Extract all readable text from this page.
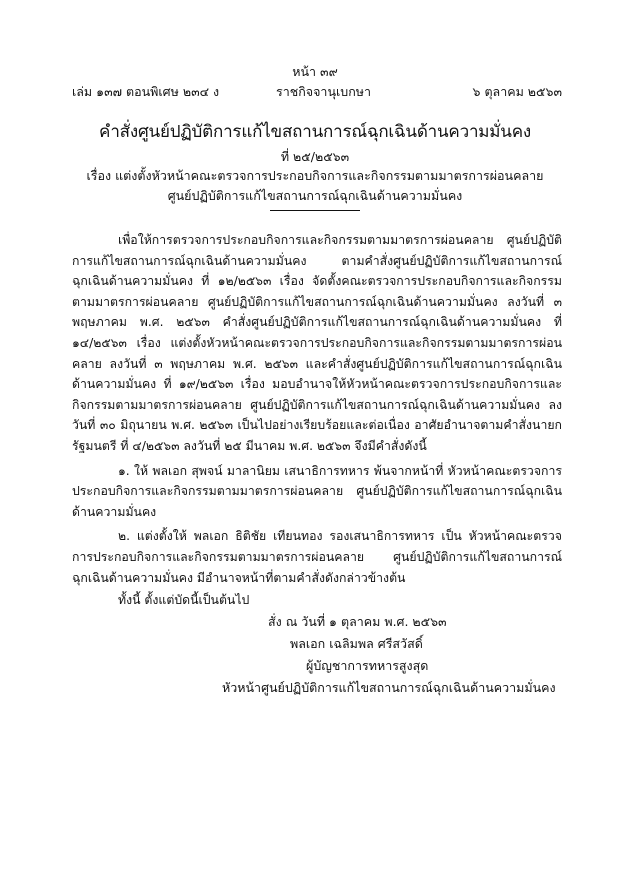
หน้า ๓๙
เล่ม ๑๓๗ ตอนพิเศษ ๒๓๔ ง	ราชกิจจานุเบกษา	๖ ตุลาคม ๒๕๖๓
คำสั่งศูนย์ปฏิบัติการแก้ไขสถานการณ์ฉุกเฉินด้านความมั่นคง
ที่ ๒๕/๒๕๖๓
เรื่อง แต่งตั้งหัวหน้าคณะตรวจการประกอบกิจการและกิจกรรมตามมาตรการผ่อนคลาย
ศูนย์ปฏิบัติการแก้ไขสถานการณ์ฉุกเฉินด้านความมั่นคง

เพื่อให้การตรวจการประกอบกิจการและกิจกรรมตามมาตรการผ่อนคลาย ศูนย์ปฏิบัติการแก้ไขสถานการณ์ฉุกเฉินด้านความมั่นคง ตามคำสั่งศูนย์ปฏิบัติการแก้ไขสถานการณ์ฉุกเฉินด้านความมั่นคง ที่ ๑๒/๒๕๖๓ เรื่อง จัดตั้งคณะตรวจการประกอบกิจการและกิจกรรมตามมาตรการผ่อนคลาย ศูนย์ปฏิบัติการแก้ไขสถานการณ์ฉุกเฉินด้านความมั่นคง ลงวันที่ ๓ พฤษภาคม พ.ศ. ๒๕๖๓ คำสั่งศูนย์ปฏิบัติการแก้ไขสถานการณ์ฉุกเฉินด้านความมั่นคง ที่ ๑๔/๒๕๖๓ เรื่อง แต่งตั้งหัวหน้าคณะตรวจการประกอบกิจการและกิจกรรมตามมาตรการผ่อนคลาย ลงวันที่ ๓ พฤษภาคม พ.ศ. ๒๕๖๓ และคำสั่งศูนย์ปฏิบัติการแก้ไขสถานการณ์ฉุกเฉินด้านความมั่นคง ที่ ๑๙/๒๕๖๓ เรื่อง มอบอำนาจให้หัวหน้าคณะตรวจการประกอบกิจการและกิจกรรมตามมาตรการผ่อนคลาย ศูนย์ปฏิบัติการแก้ไขสถานการณ์ฉุกเฉินด้านความมั่นคง ลงวันที่ ๓๐ มิถุนายน พ.ศ. ๒๕๖๓ เป็นไปอย่างเรียบร้อยและต่อเนื่อง อาศัยอำนาจตามคำสั่งนายกรัฐมนตรี ที่ ๔/๒๕๖๓ ลงวันที่ ๒๕ มีนาคม พ.ศ. ๒๕๖๓ จึงมีคำสั่งดังนี้

๑. ให้ พลเอก สุพจน์ มาลานิยม เสนาธิการทหาร พ้นจากหน้าที่ หัวหน้าคณะตรวจการประกอบกิจการและกิจกรรมตามมาตรการผ่อนคลาย ศูนย์ปฏิบัติการแก้ไขสถานการณ์ฉุกเฉินด้านความมั่นคง

๒. แต่งตั้งให้ พลเอก ธิติชัย เทียนทอง รองเสนาธิการทหาร เป็น หัวหน้าคณะตรวจการประกอบกิจการและกิจกรรมตามมาตรการผ่อนคลาย ศูนย์ปฏิบัติการแก้ไขสถานการณ์ฉุกเฉินด้านความมั่นคง มีอำนาจหน้าที่ตามคำสั่งดังกล่าวข้างต้น

ทั้งนี้ ตั้งแต่บัดนี้เป็นต้นไป

สั่ง ณ วันที่ ๑ ตุลาคม พ.ศ. ๒๕๖๓
พลเอก เฉลิมพล ศรีสวัสดิ์
ผู้บัญชาการทหารสูงสุด
หัวหน้าศูนย์ปฏิบัติการแก้ไขสถานการณ์ฉุกเฉินด้านความมั่นคง
